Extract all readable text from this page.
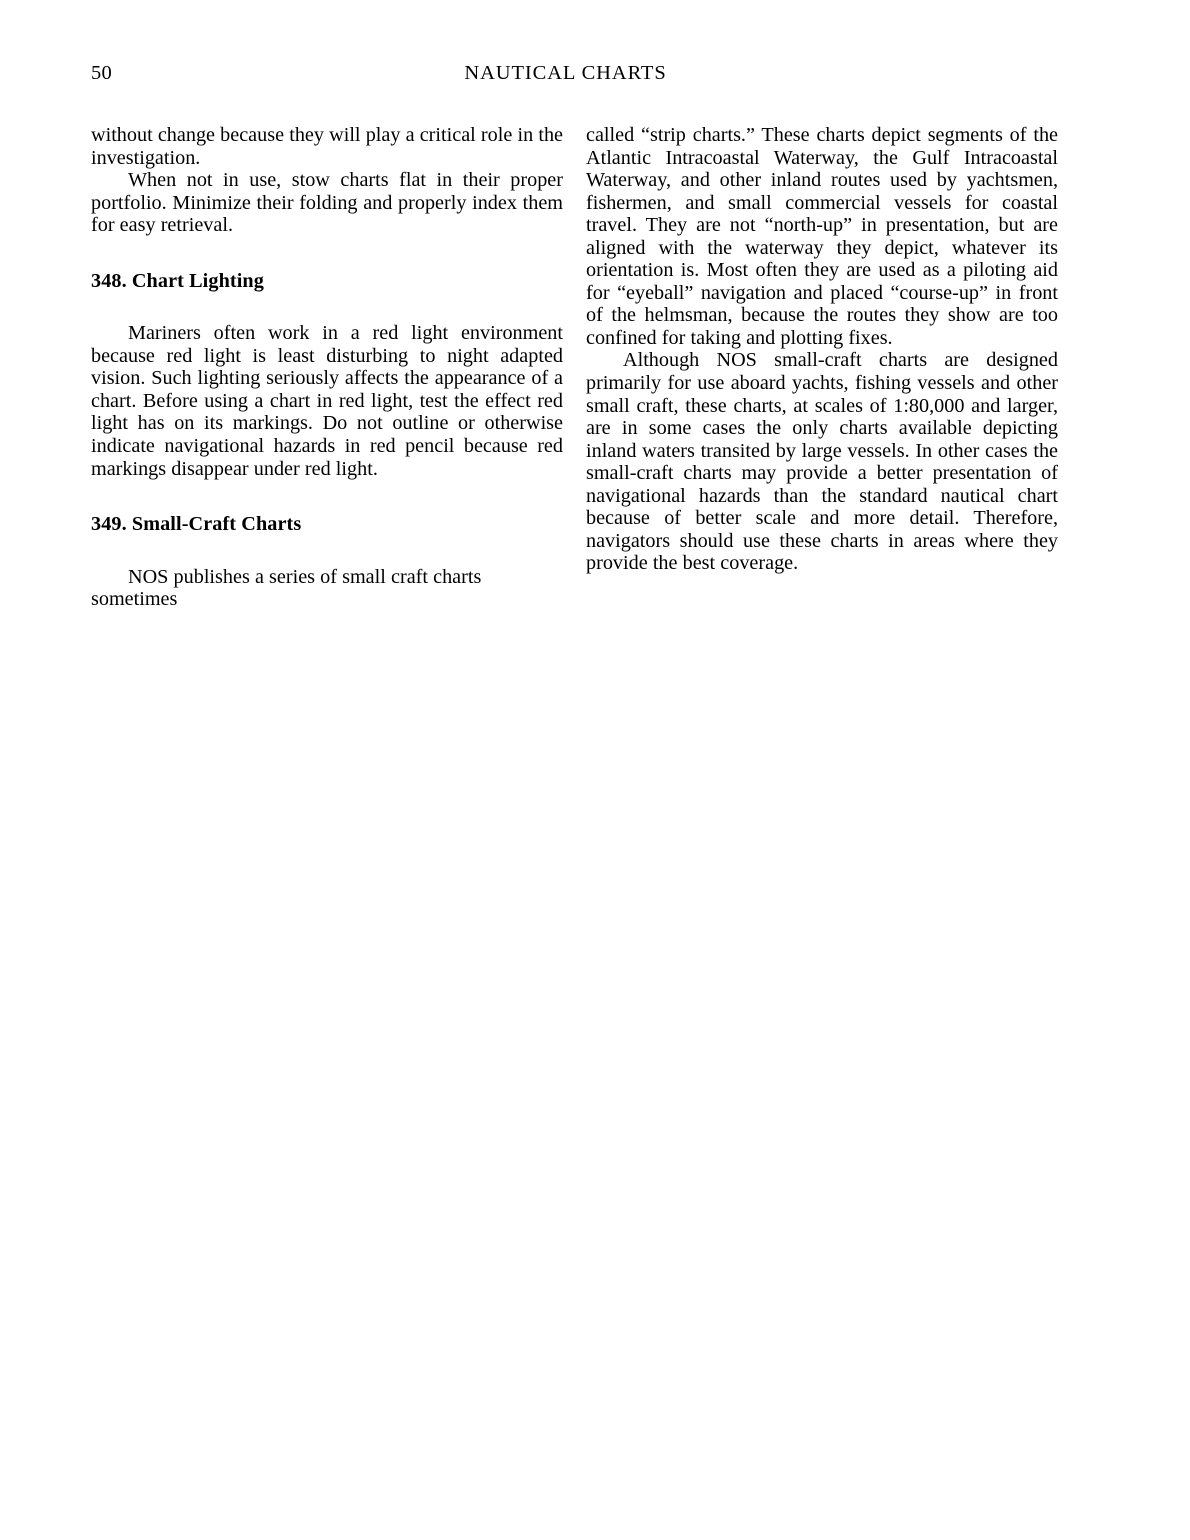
50	NAUTICAL CHARTS

without change because they will play a critical role in the investigation.

When not in use, stow charts flat in their proper portfolio. Minimize their folding and properly index them for easy retrieval.

348. Chart Lighting

Mariners often work in a red light environment because red light is least disturbing to night adapted vision. Such lighting seriously affects the appearance of a chart. Before using a chart in red light, test the effect red light has on its markings. Do not outline or otherwise indicate navigational hazards in red pencil because red markings disappear under red light.

349. Small-Craft Charts

NOS publishes a series of small craft charts sometimes

called “strip charts.” These charts depict segments of the Atlantic Intracoastal Waterway, the Gulf Intracoastal Waterway, and other inland routes used by yachtsmen, fishermen, and small commercial vessels for coastal travel. They are not “north-up” in presentation, but are aligned with the waterway they depict, whatever its orientation is. Most often they are used as a piloting aid for “eyeball” navigation and placed “course-up” in front of the helmsman, because the routes they show are too confined for taking and plotting fixes.

Although NOS small-craft charts are designed primarily for use aboard yachts, fishing vessels and other small craft, these charts, at scales of 1:80,000 and larger, are in some cases the only charts available depicting inland waters transited by large vessels. In other cases the small-craft charts may provide a better presentation of navigational hazards than the standard nautical chart because of better scale and more detail. Therefore, navigators should use these charts in areas where they provide the best coverage.
